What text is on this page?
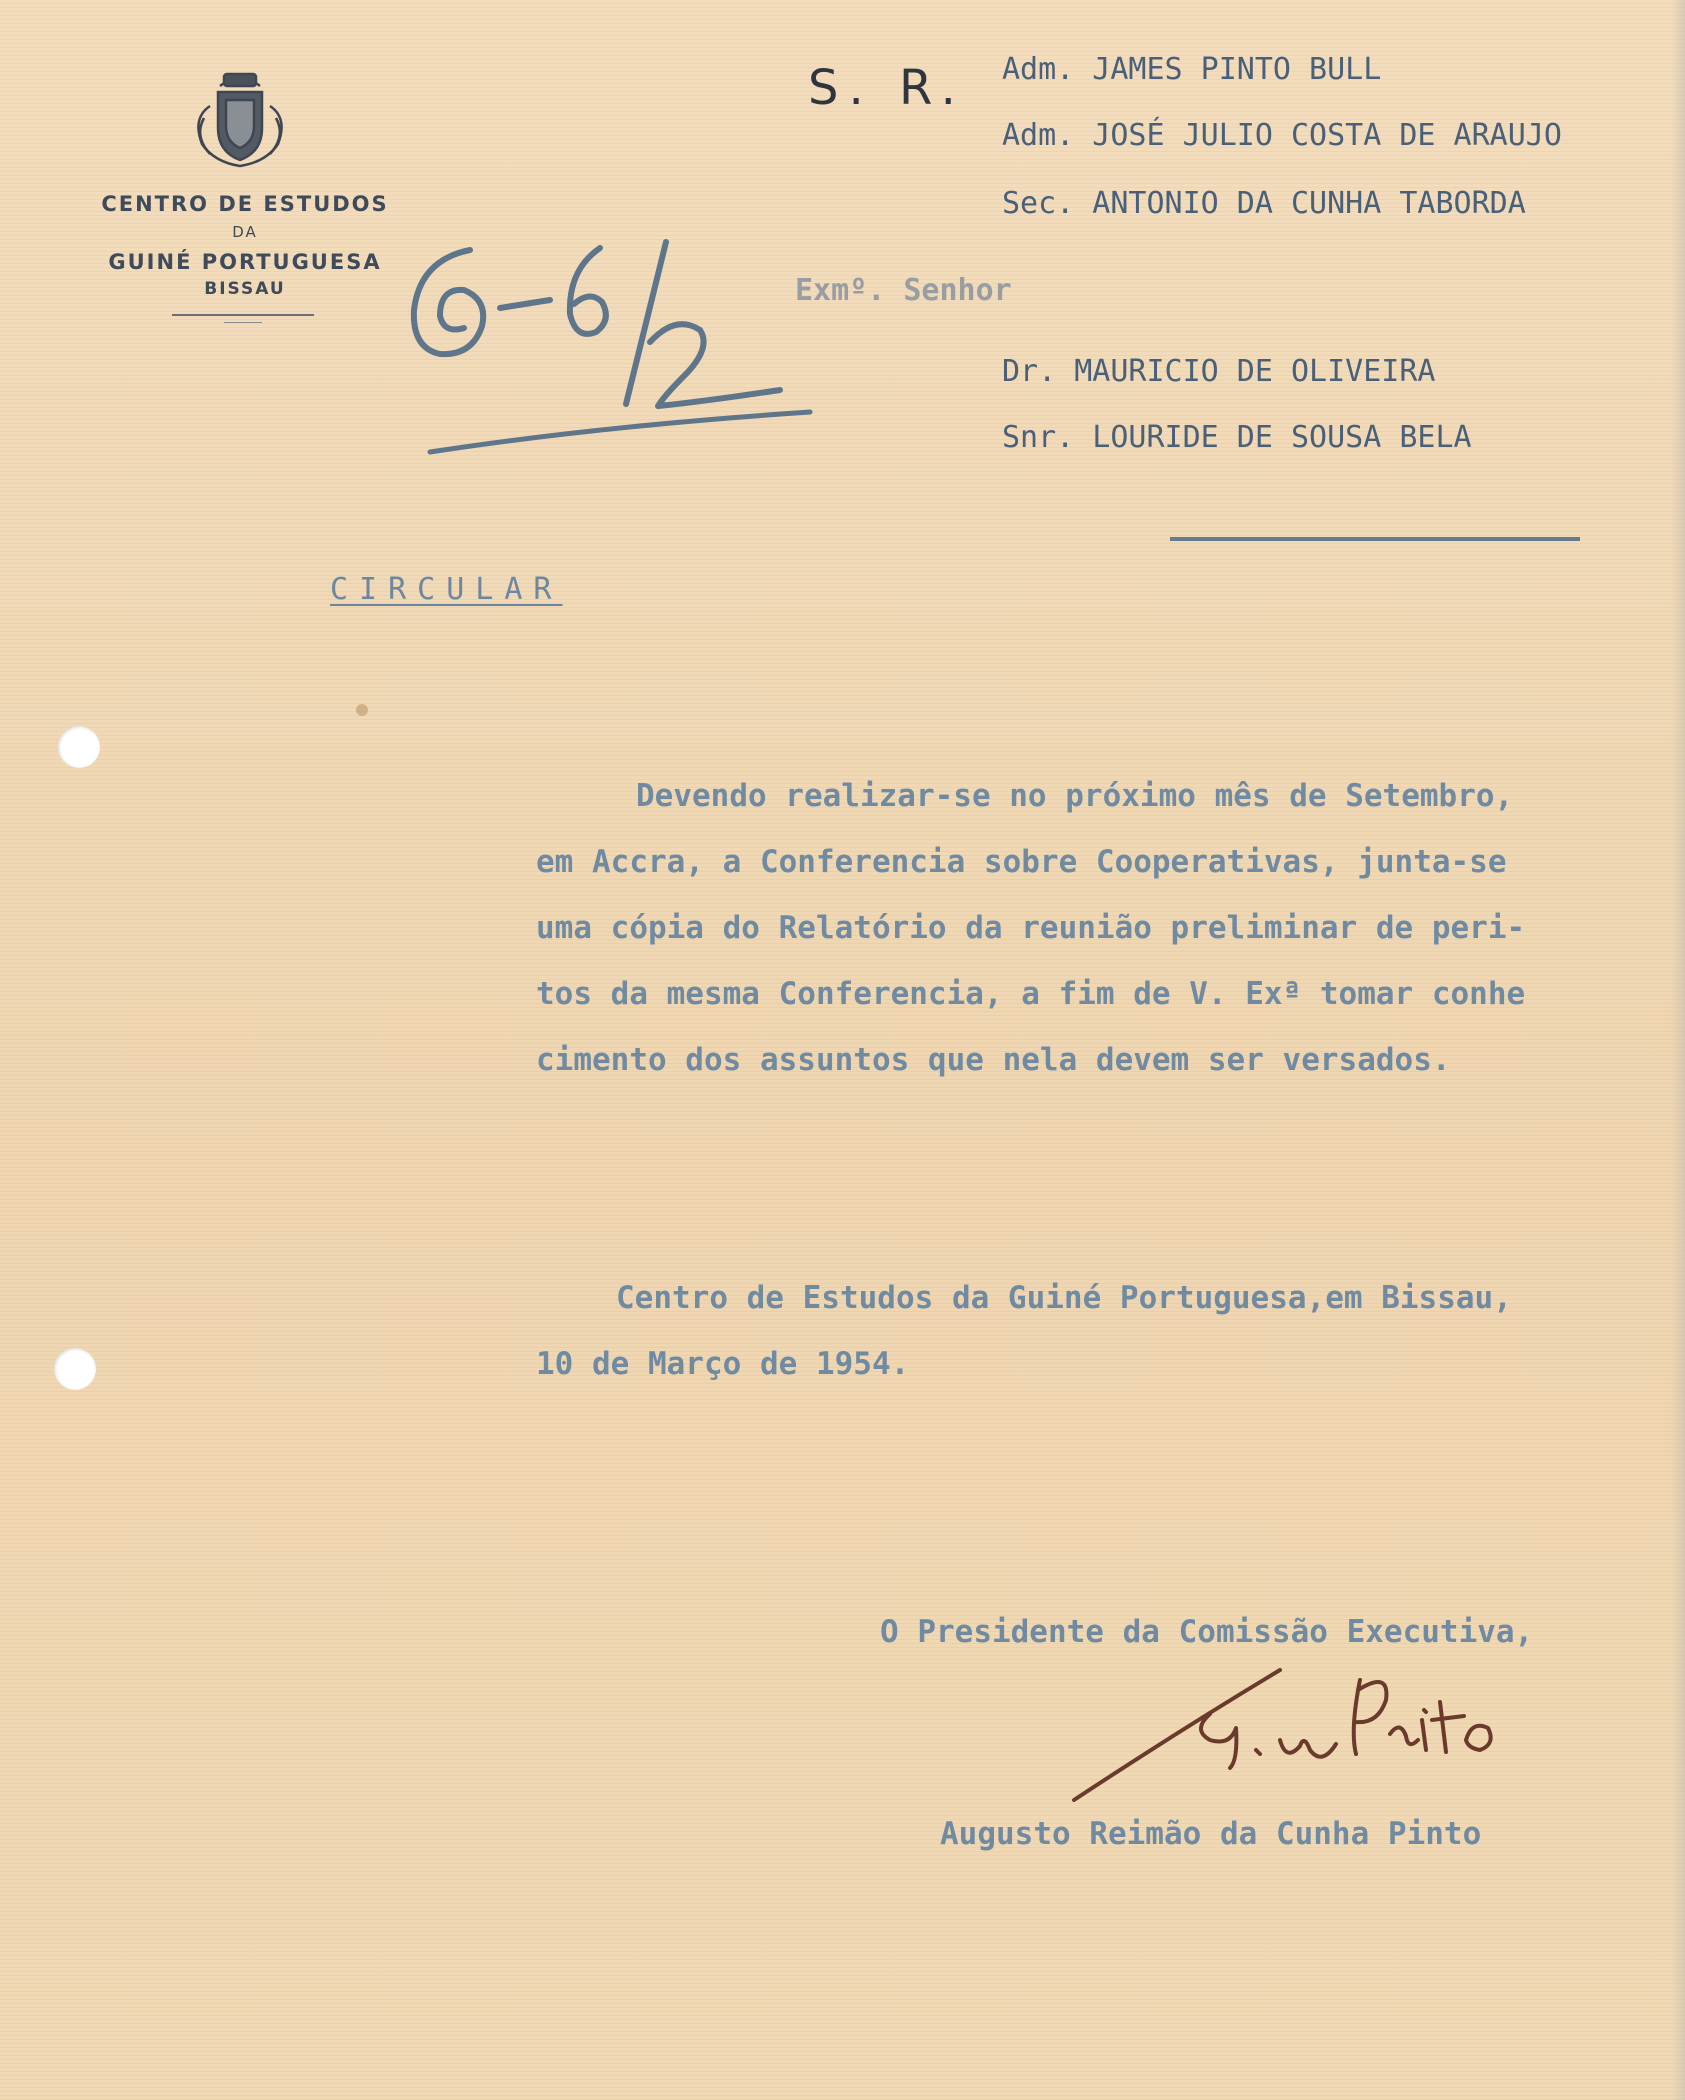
CENTRO DE ESTUDOS
DA
GUINÉ PORTUGUESA
BISSAU
S. R. Adm. JAMES PINTO BULL
Adm. JOSÉ JULIO COSTA DE ARAUJO
Sec. ANTONIO DA CUNHA TABORDA
Exmº. Senhor
Dr. MAURICIO DE OLIVEIRA
Snr. LOURIDE DE SOUSA BELA
CIRCULAR
Devendo realizar-se no próximo mês de Setembro,
em Accra, a Conferencia sobre Cooperativas, junta-se
uma cópia do Relatório da reunião preliminar de peri-
tos da mesma Conferencia, a fim de V. Exª tomar conhe
cimento dos assuntos que nela devem ser versados.
Centro de Estudos da Guiné Portuguesa,em Bissau,
10 de Março de 1954.
O Presidente da Comissão Executiva,
Augusto Reimão da Cunha Pinto
